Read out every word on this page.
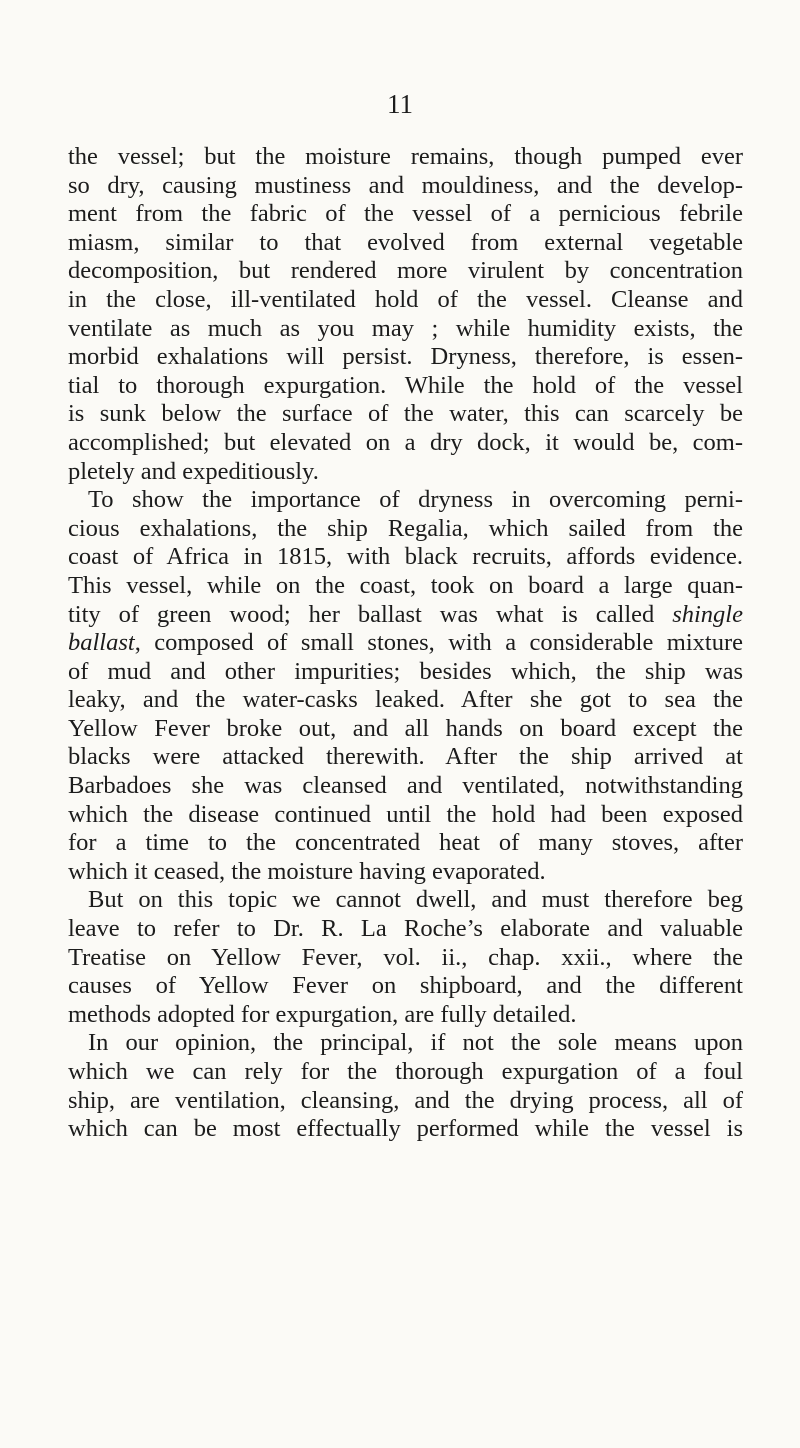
11
the vessel; but the moisture remains, though pumped ever
so dry, causing mustiness and mouldiness, and the develop-
ment from the fabric of the vessel of a pernicious febrile
miasm, similar to that evolved from external vegetable
decomposition, but rendered more virulent by concentration
in the close, ill-ventilated hold of the vessel. Cleanse and
ventilate as much as you may ; while humidity exists, the
morbid exhalations will persist. Dryness, therefore, is essen-
tial to thorough expurgation. While the hold of the vessel
is sunk below the surface of the water, this can scarcely be
accomplished; but elevated on a dry dock, it would be, com-
pletely and expeditiously.
To show the importance of dryness in overcoming perni-
cious exhalations, the ship Regalia, which sailed from the
coast of Africa in 1815, with black recruits, affords evidence.
This vessel, while on the coast, took on board a large quan-
tity of green wood; her ballast was what is called shingle
ballast, composed of small stones, with a considerable mixture
of mud and other impurities; besides which, the ship was
leaky, and the water-casks leaked. After she got to sea the
Yellow Fever broke out, and all hands on board except the
blacks were attacked therewith. After the ship arrived at
Barbadoes she was cleansed and ventilated, notwithstanding
which the disease continued until the hold had been exposed
for a time to the concentrated heat of many stoves, after
which it ceased, the moisture having evaporated.
But on this topic we cannot dwell, and must therefore beg
leave to refer to Dr. R. La Roche’s elaborate and valuable
Treatise on Yellow Fever, vol. ii., chap. xxii., where the
causes of Yellow Fever on shipboard, and the different
methods adopted for expurgation, are fully detailed.
In our opinion, the principal, if not the sole means upon
which we can rely for the thorough expurgation of a foul
ship, are ventilation, cleansing, and the drying process, all of
which can be most effectually performed while the vessel is
